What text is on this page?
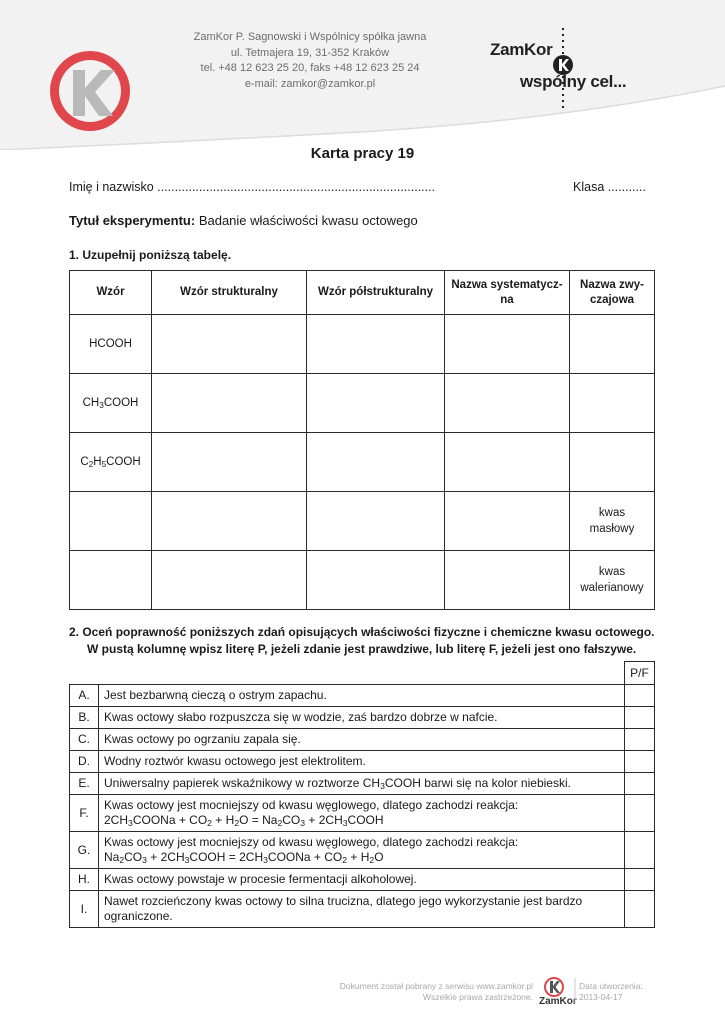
ZamKor P. Sagnowski i Wspólnicy spółka jawna
ul. Tetmajera 19, 31-352 Kraków
tel. +48 12 623 25 20, faks +48 12 623 25 24
e-mail: zamkor@zamkor.pl
ZamKor
wspólny cel...
Karta pracy 19
Imię i nazwisko ................................................................................	Klasa ...........
Tytuł eksperymentu: Badanie właściwości kwasu octowego
1. Uzupełnij poniższą tabelę.
Wzór	Wzór strukturalny	Wzór półstrukturalny	Nazwa systematycz-na	Nazwa zwy-czajowa
HCOOH				
$CH_3COOH$				
$C_2H_5COOH$				
				kwas masłowy
				kwas walerianowy
2. Oceń poprawność poniższych zdań opisujących właściwości fizyczne i chemiczne kwasu octowego.
W pustą kolumnę wpisz literę P, jeżeli zdanie jest prawdziwe, lub literę F, jeżeli jest ono fałszywe.
		P/F
A.	Jest bezbarwną cieczą o ostrym zapachu.	

B.	Kwas octowy słabo rozpuszcza się w wodzie, zaś bardzo dobrze w nafcie.	

C.	Kwas octowy po ogrzaniu zapala się.	

D.	Wodny roztwór kwasu octowego jest elektrolitem.	

E.	Uniwersalny papierek wskaźnikowy w roztworze $CH_3COOH$ barwi się na kolor niebieski.	

F.	Kwas octowy jest mocniejszy od kwasu węglowego, dlatego zachodzi reakcja:
$2CH_3COONa + CO_2 + H_2O = Na_2CO_3$ + $2CH_3COOH$	

G.	Kwas octowy jest mocniejszy od kwasu węglowego, dlatego zachodzi reakcja:
$Na_2CO_3$ + $2CH_3COOH$ = $2CH_3COONa + CO_2 + H_2O$	

H.	Kwas octowy powstaje w procesie fermentacji alkoholowej.	

I.	Nawet rozcieńczony kwas octowy to silna trucizna, dlatego jego wykorzystanie jest bardzo ograniczone.	

Dokument został pobrany z serwisu www.zamkor.pl
Wszelkie prawa zastrzeżone. ZamKor
Data utworzenia:
2013-04-17
